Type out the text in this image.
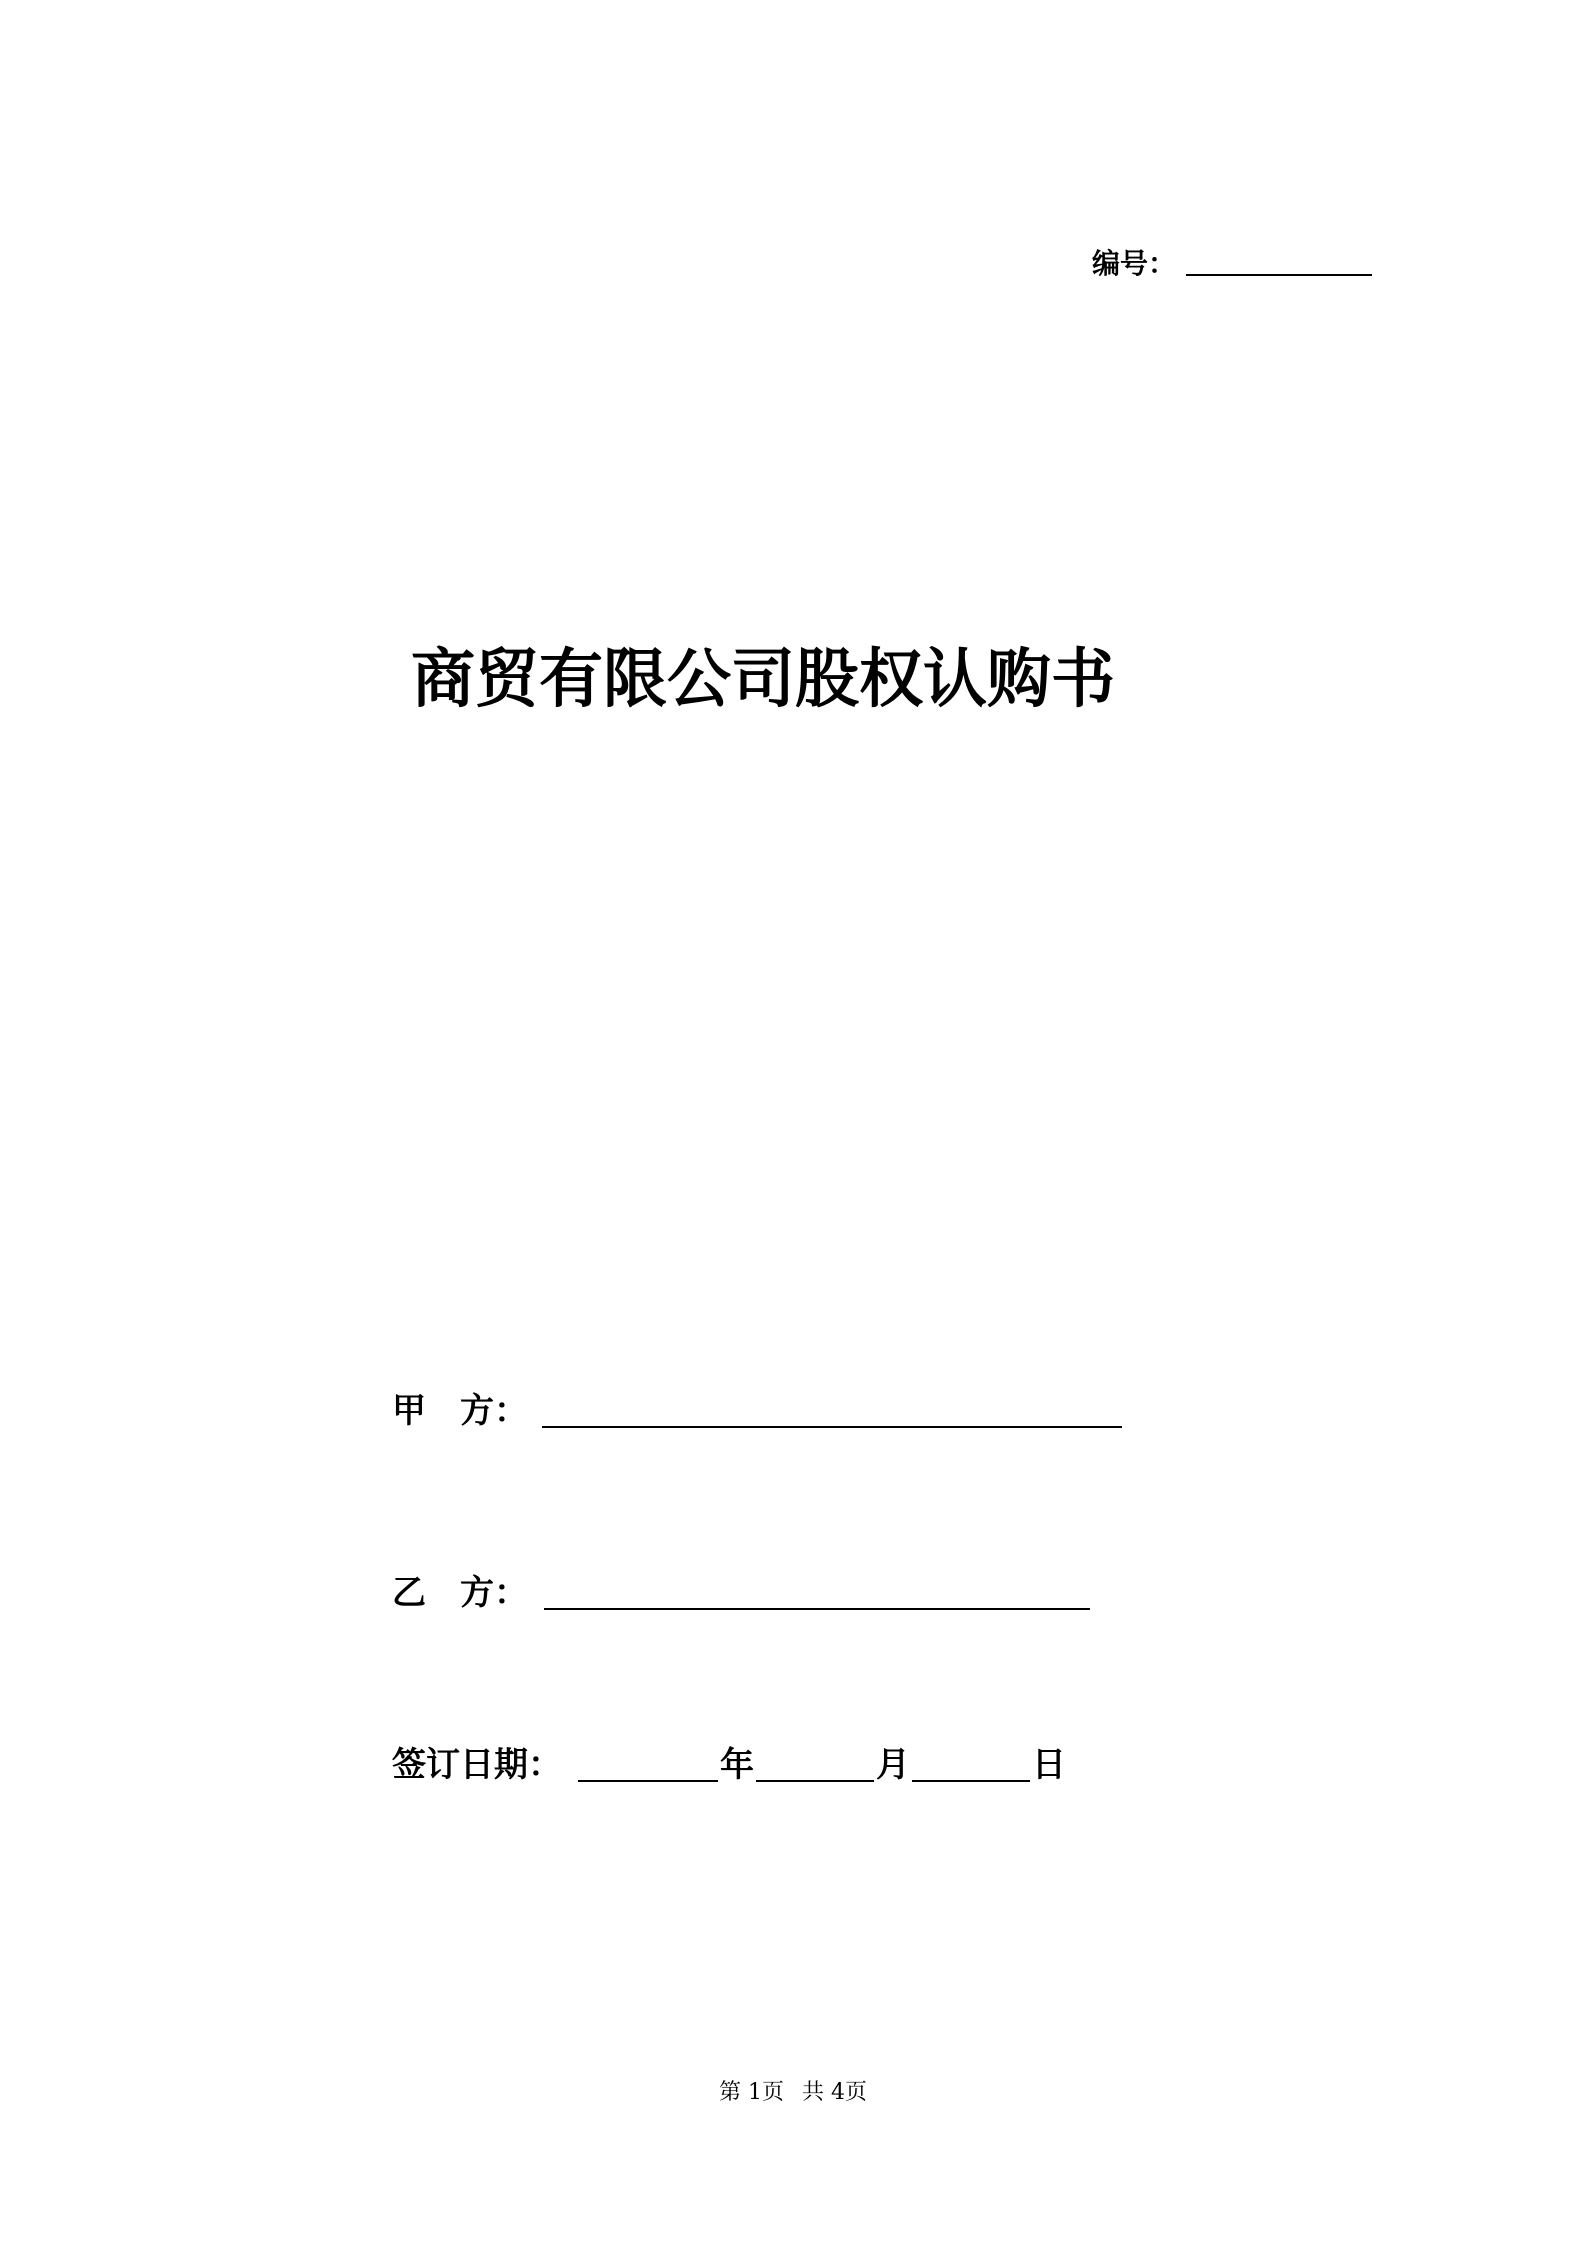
编号：
商贸有限公司股权认购书
甲　方：
乙　方：
签订日期：	年	月	日
第 1页 共 4页
